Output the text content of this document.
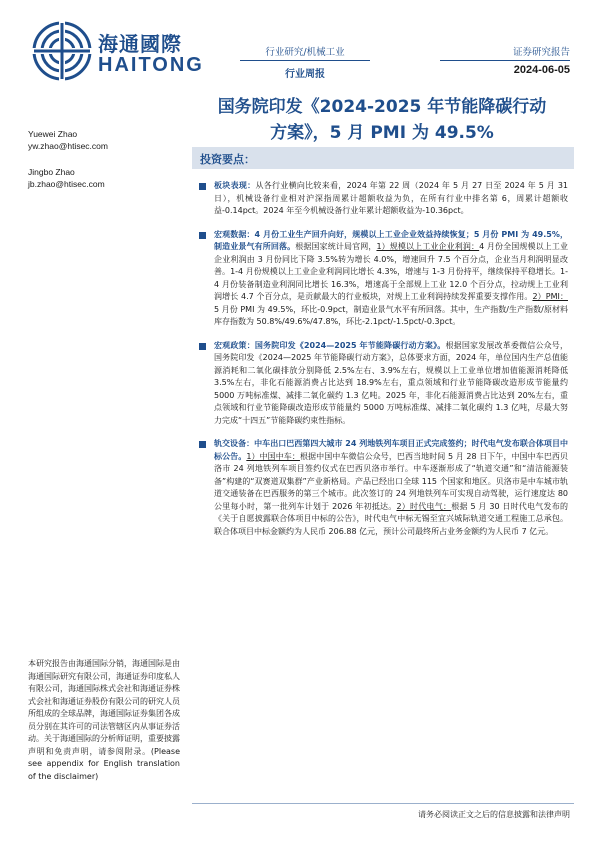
海通國際
HAITONG
行业研究/机械工业
行业周报
证券研究报告
2024-06-05
国务院印发《2024-2025 年节能降碳行动
方案》，5 月 PMI 为 49.5%
Yuewei Zhao
yw.zhao@htisec.com
Jingbo Zhao
jb.zhao@htisec.com
投资要点：
板块表现：从各行业横向比较来看，2024 年第 22 周（2024 年 5 月 27 日至 2024 年 5 月 31 日），机械设备行业相对沪深指周累计超额收益为负，在所有行业中排名第 6，周累计超额收益-0.14pct。2024 年至今机械设备行业年累计超额收益为-10.36pct。
宏观数据：4 月份工业生产回升向好，规模以上工业企业效益持续恢复；5 月份 PMI 为 49.5%，制造业景气有所回落。根据国家统计局官网，1）规模以上工业企业利润：4 月份全国规模以上工业企业利润由 3 月份同比下降 3.5%转为增长 4.0%，增速回升 7.5 个百分点，企业当月利润明显改善。1-4 月份规模以上工业企业利润同比增长 4.3%，增速与 1-3 月份持平，继续保持平稳增长。1-4 月份装备制造业利润同比增长 16.3%，增速高于全部规上工业 12.0 个百分点，拉动规上工业利润增长 4.7 个百分点，是贡献最大的行业板块，对规上工业利润持续发挥重要支撑作用。2）PMI：5 月份 PMI 为 49.5%，环比-0.9pct，制造业景气水平有所回落。其中，生产指数/生产指数/原材料库存指数为 50.8%/49.6%/47.8%，环比-2.1pct/-1.5pct/-0.3pct。
宏观政策：国务院印发《2024—2025 年节能降碳行动方案》。根据国家发展改革委微信公众号，国务院印发《2024—2025 年节能降碳行动方案》，总体要求方面，2024 年，单位国内生产总值能源消耗和二氧化碳排放分别降低 2.5%左右、3.9%左右，规模以上工业单位增加值能源消耗降低 3.5%左右，非化石能源消费占比达到 18.9%左右，重点领域和行业节能降碳改造形成节能量约 5000 万吨标准煤、减排二氧化碳约 1.3 亿吨。2025 年，非化石能源消费占比达到 20%左右，重点领域和行业节能降碳改造形成节能量约 5000 万吨标准煤、减排二氧化碳约 1.3 亿吨，尽最大努力完成“十四五”节能降碳约束性指标。
轨交设备：中车出口巴西第四大城市 24 列地铁列车项目正式完成签约；时代电气发布联合体项目中标公告。1）中国中车：根据中国中车微信公众号，巴西当地时间 5 月 28 日下午，中国中车巴西贝洛市 24 列地铁列车项目签约仪式在巴西贝洛市举行。中车逐渐形成了“轨道交通”和“清洁能源装备”构建的“双赛道双集群”产业新格局。产品已经出口全球 115 个国家和地区。贝洛市是中车城市轨道交通装备在巴西服务的第三个城市。此次签订的 24 列地铁列车可实现自动驾驶，运行速度达 80 公里每小时，第一批列车计划于 2026 年初抵达。2）时代电气：根据 5 月 30 日时代电气发布的《关于自愿披露联合体项目中标的公告》，时代电气中标无锡至宜兴城际轨道交通工程施工总承包。联合体项目中标金额约为人民币 206.88 亿元，预计公司最终所占业务金额约为人民币 7 亿元。
本研究报告由海通国际分销，海通国际是由海通国际研究有限公司，海通证券印度私人有限公司，海通国际株式会社和海通证券株式会社和海通证券股份有限公司的研究人员所组成的全球品牌，海通国际证券集团各成员分别在其许可的司法管辖区内从事证券活动。关于海通国际的分析师证明，重要披露声明和免责声明，请参阅附录。(Please see appendix for English translation of the disclaimer)
请务必阅读正文之后的信息披露和法律声明
